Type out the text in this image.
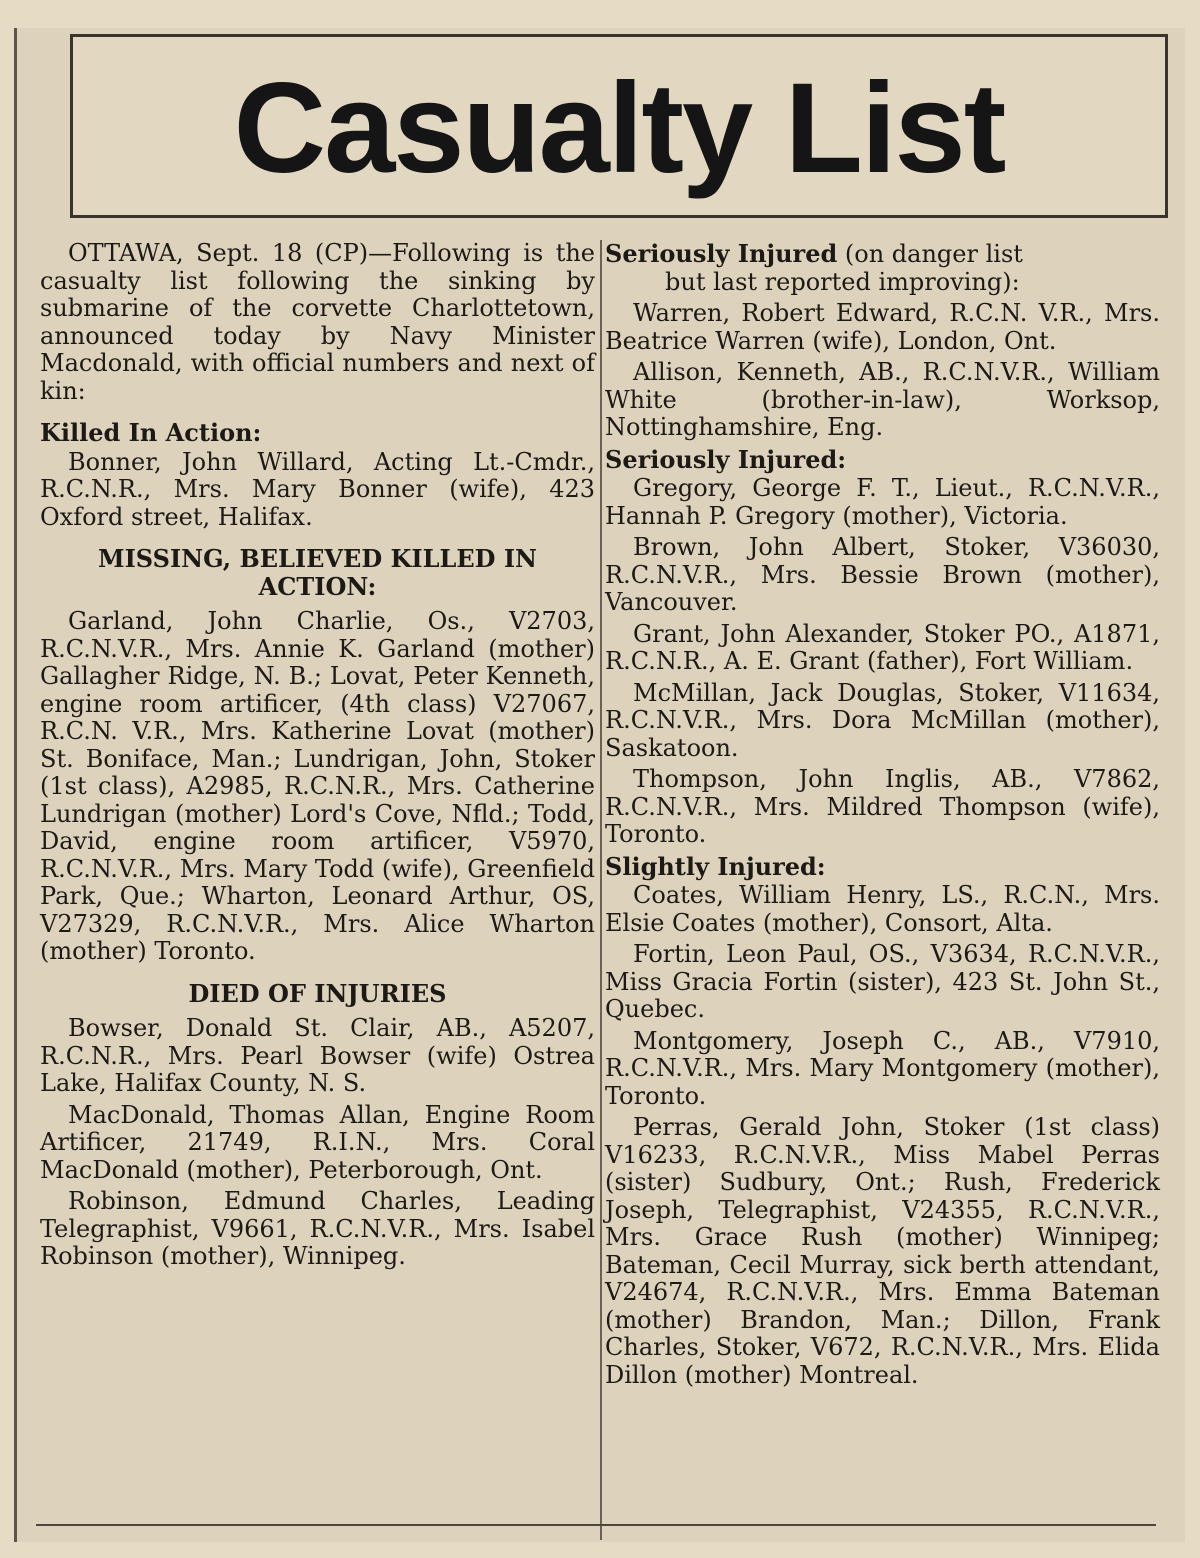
Casualty List

OTTAWA, Sept. 18 (CP)—Following is the casualty list following the sinking by submarine of the corvette Charlottetown, announced today by Navy Minister Macdonald, with official numbers and next of kin:

Killed In Action:

Bonner, John Willard, Acting Lt.-Cmdr., R.C.N.R., Mrs. Mary Bonner (wife), 423 Oxford street, Halifax.

MISSING, BELIEVED KILLED IN ACTION:

Garland, John Charlie, Os., V2703, R.C.N.V.R., Mrs. Annie K. Garland (mother) Gallagher Ridge, N. B.; Lovat, Peter Kenneth, engine room artificer, (4th class) V27067, R.C.N. V.R., Mrs. Katherine Lovat (mother) St. Boniface, Man.; Lundrigan, John, Stoker (1st class), A2985, R.C.N.R., Mrs. Catherine Lundrigan (mother) Lord's Cove, Nfld.; Todd, David, engine room artificer, V5970, R.C.N.V.R., Mrs. Mary Todd (wife), Greenfield Park, Que.; Wharton, Leonard Arthur, OS, V27329, R.C.N.V.R., Mrs. Alice Wharton (mother) Toronto.

DIED OF INJURIES

Bowser, Donald St. Clair, AB., A5207, R.C.N.R., Mrs. Pearl Bowser (wife) Ostrea Lake, Halifax County, N. S.

MacDonald, Thomas Allan, Engine Room Artificer, 21749, R.I.N., Mrs. Coral MacDonald (mother), Peterborough, Ont.

Robinson, Edmund Charles, Leading Telegraphist, V9661, R.C.N.V.R., Mrs. Isabel Robinson (mother), Winnipeg.

Seriously Injured (on danger list

but last reported improving):

Warren, Robert Edward, R.C.N. V.R., Mrs. Beatrice Warren (wife), London, Ont.

Allison, Kenneth, AB., R.C.N.V.R., William White (brother-in-law), Worksop, Nottinghamshire, Eng.

Seriously Injured:

Gregory, George F. T., Lieut., R.C.N.V.R., Hannah P. Gregory (mother), Victoria.

Brown, John Albert, Stoker, V36030, R.C.N.V.R., Mrs. Bessie Brown (mother), Vancouver.

Grant, John Alexander, Stoker PO., A1871, R.C.N.R., A. E. Grant (father), Fort William.

McMillan, Jack Douglas, Stoker, V11634, R.C.N.V.R., Mrs. Dora McMillan (mother), Saskatoon.

Thompson, John Inglis, AB., V7862, R.C.N.V.R., Mrs. Mildred Thompson (wife), Toronto.

Slightly Injured:

Coates, William Henry, LS., R.C.N., Mrs. Elsie Coates (mother), Consort, Alta.

Fortin, Leon Paul, OS., V3634, R.C.N.V.R., Miss Gracia Fortin (sister), 423 St. John St., Quebec.

Montgomery, Joseph C., AB., V7910, R.C.N.V.R., Mrs. Mary Montgomery (mother), Toronto.

Perras, Gerald John, Stoker (1st class) V16233, R.C.N.V.R., Miss Mabel Perras (sister) Sudbury, Ont.; Rush, Frederick Joseph, Telegraphist, V24355, R.C.N.V.R., Mrs. Grace Rush (mother) Winnipeg; Bateman, Cecil Murray, sick berth attendant, V24674, R.C.N.V.R., Mrs. Emma Bateman (mother) Brandon, Man.; Dillon, Frank Charles, Stoker, V672, R.C.N.V.R., Mrs. Elida Dillon (mother) Montreal.
